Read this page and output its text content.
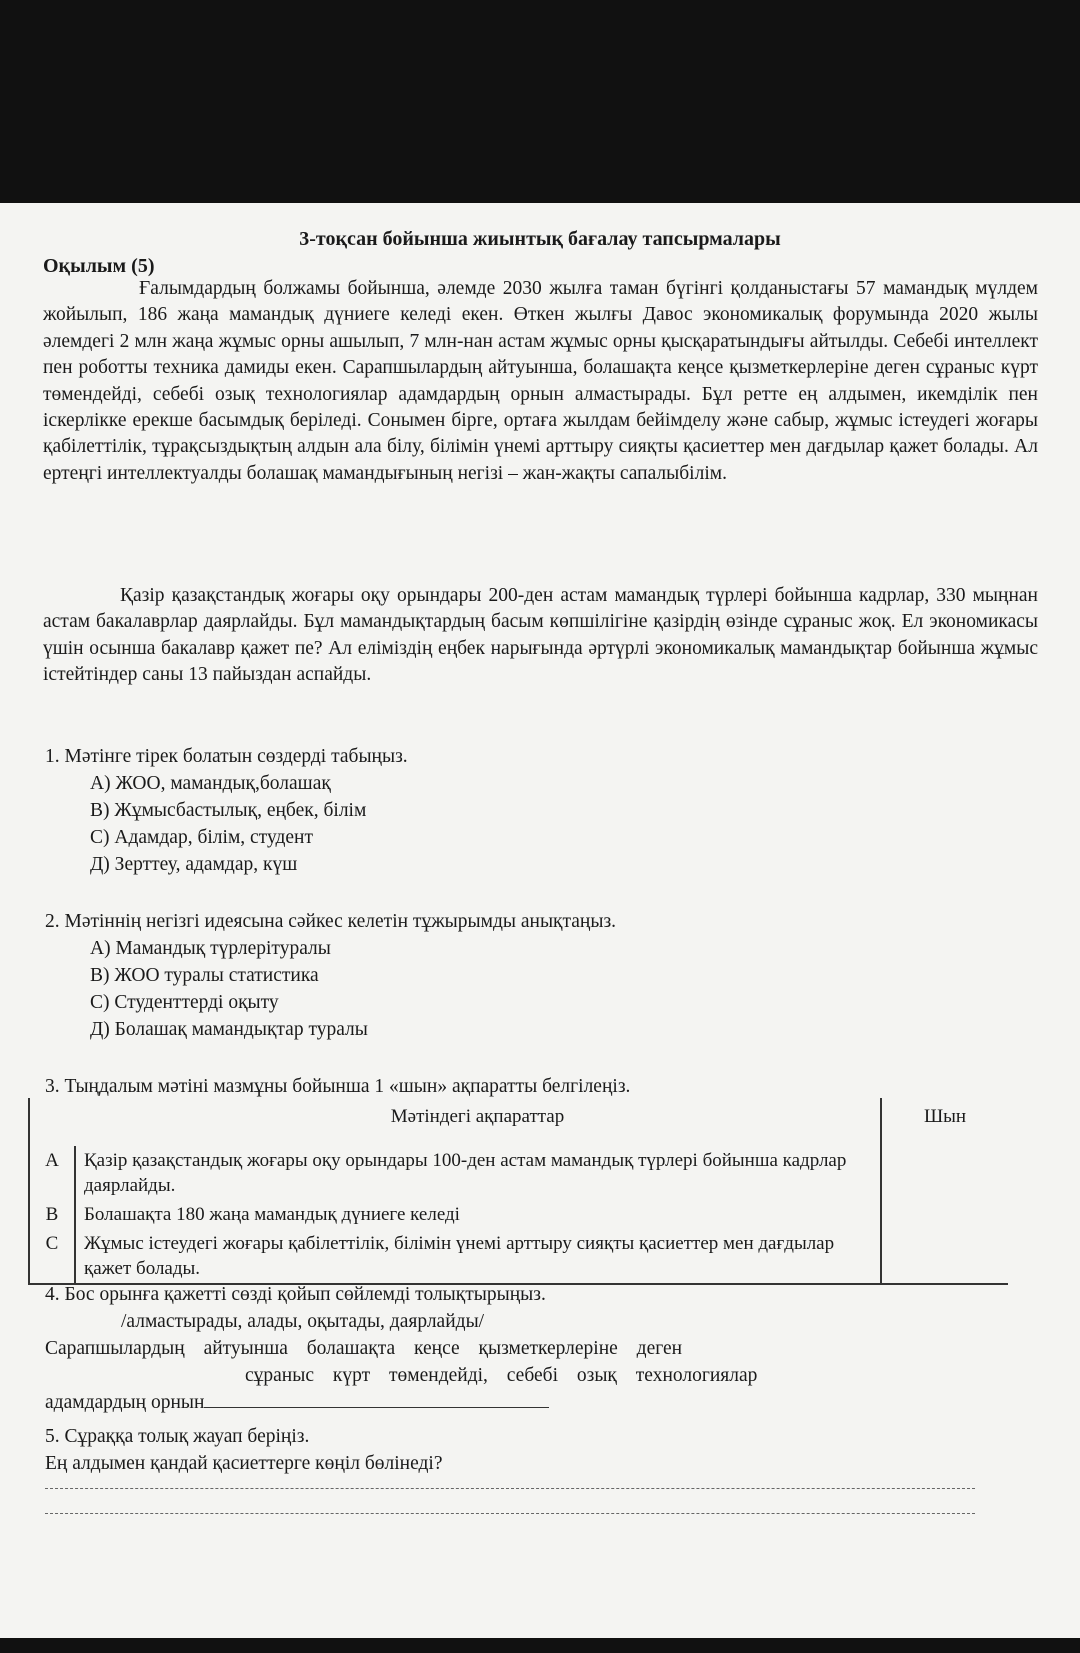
3-тоқсан бойынша жиынтық бағалау тапсырмалары
Оқылым (5)

Ғалымдардың болжамы бойынша, әлемде 2030 жылға таман бүгінгі қолданыстағы 57 мамандық мүлдем жойылып, 186 жаңа мамандық дүниеге келеді екен. Өткен жылғы Давос экономикалық форумында 2020 жылы әлемдегі 2 млн жаңа жұмыс орны ашылып, 7 млн-нан астам жұмыс орны қысқаратындығы айтылды. Себебі интеллект пен роботты техника дамиды екен. Сарапшылардың айтуынша, болашақта кеңсе қызметкерлеріне деген сұраныс күрт төмендейді, себебі озық технологиялар адамдардың орнын алмастырады. Бұл ретте ең алдымен, икемділік пен іскерлікке ерекше басымдық беріледі. Сонымен бірге, ортаға жылдам бейімделу және сабыр, жұмыс істеудегі жоғары қабілеттілік, тұрақсыздықтың алдын ала білу, білімін үнемі арттыру сияқты қасиеттер мен дағдылар қажет болады. Ал ертеңгі интеллектуалды болашақ мамандығының негізі – жан-жақты сапалыбілім.

Қазір қазақстандық жоғары оқу орындары 200-ден астам мамандық түрлері бойынша кадрлар, 330 мыңнан астам бакалаврлар даярлайды. Бұл мамандықтардың басым көпшілігіне қазірдің өзінде сұраныс жоқ. Ел экономикасы үшін осынша бакалавр қажет пе? Ал еліміздің еңбек нарығында әртүрлі экономикалық мамандықтар бойынша жұмыс істейтіндер саны 13 пайыздан аспайды.

1. Мәтінге тірек болатын сөздерді табыңыз.

А) ЖОО, мамандық,болашақ

В) Жұмысбастылық, еңбек, білім

С) Адамдар, білім, студент

Д) Зерттеу, адамдар, күш

2. Мәтіннің негізгі идеясына сәйкес келетін тұжырымды анықтаңыз.

А) Мамандық түрлерітуралы

В) ЖОО туралы статистика

С) Студенттерді оқыту

Д) Болашақ мамандықтар туралы

3. Тыңдалым мәтіні мазмұны бойынша 1 «шын» ақпаратты белгілеңіз.

	Мәтіндегі ақпараттар	Шын
А	Қазір қазақстандық жоғары оқу орындары 100-ден астам мамандық түрлері бойынша кадрлар даярлайды.	
В	Болашақта 180 жаңа мамандық дүниеге келеді	
С	Жұмыс істеудегі жоғары қабілеттілік, білімін үнемі арттыру сияқты қасиеттер мен дағдылар қажет болады.	

4. Бос орынға қажетті сөзді қойып сөйлемді толықтырыңыз.

/алмастырады, алады, оқытады, даярлайды/

Сарапшылардың айтуынша болашақта кеңсе қызметкерлеріне деген

сұраныс күрт төмендейді, себебі озық технологиялар

адамдардың орнын

5. Сұраққа толық жауап беріңіз.

Ең алдымен қандай қасиеттерге көңіл бөлінеді?
